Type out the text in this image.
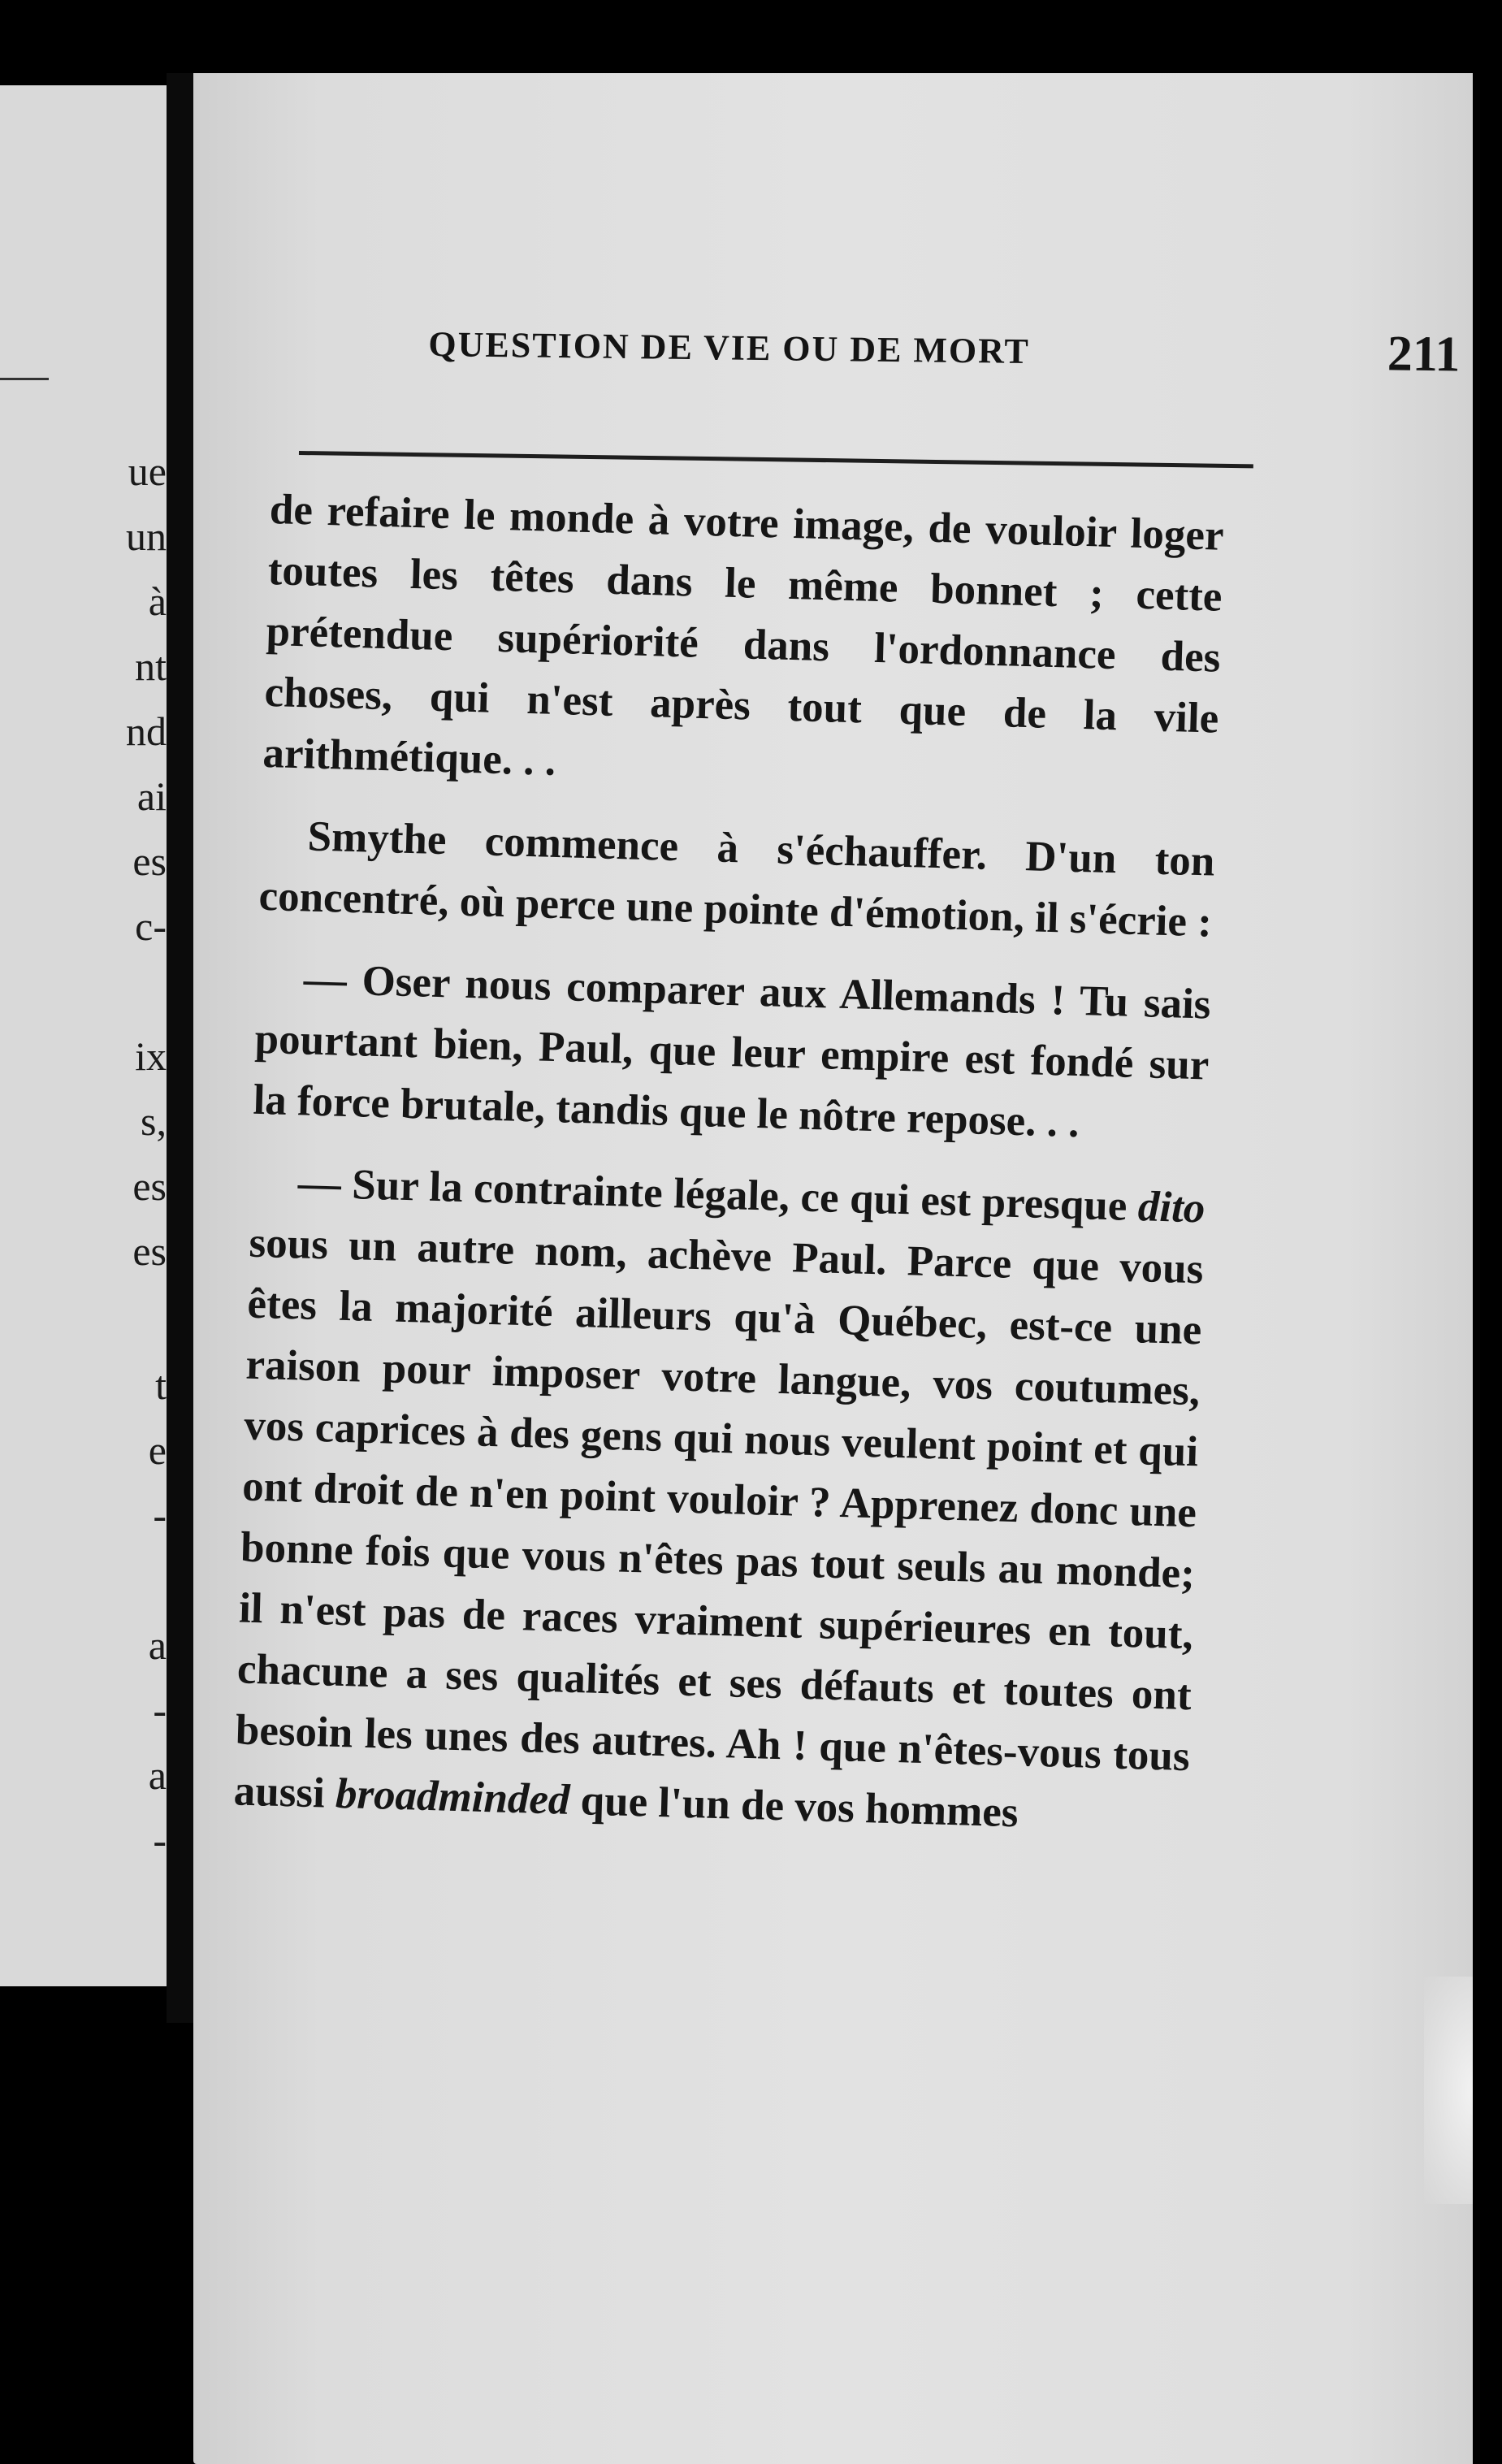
ue
un
à
nt
nd
ai
es
c-
ix
s,
es
es
t
e
-
a
-
a
-
QUESTION DE VIE OU DE MORT	211

de refaire le monde à votre image, de vouloir loger toutes les têtes dans le même bonnet ; cette prétendue supériorité dans l'ordonnance des choses, qui n'est après tout que de la vile arithmétique. . .

Smythe commence à s'échauffer. D'un ton concentré, où perce une pointe d'émotion, il s'écrie :

— Oser nous comparer aux Allemands ! Tu sais pourtant bien, Paul, que leur empire est fondé sur la force brutale, tandis que le nôtre repose. . .

— Sur la contrainte légale, ce qui est presque dito sous un autre nom, achève Paul. Parce que vous êtes la majorité ailleurs qu'à Québec, est-ce une raison pour imposer votre langue, vos coutumes, vos caprices à des gens qui nous veulent point et qui ont droit de n'en point vouloir ? Apprenez donc une bonne fois que vous n'êtes pas tout seuls au monde; il n'est pas de races vraiment supérieures en tout, chacune a ses qualités et ses défauts et toutes ont besoin les unes des autres. Ah ! que n'êtes-vous tous aussi broadminded que l'un de vos hommes
